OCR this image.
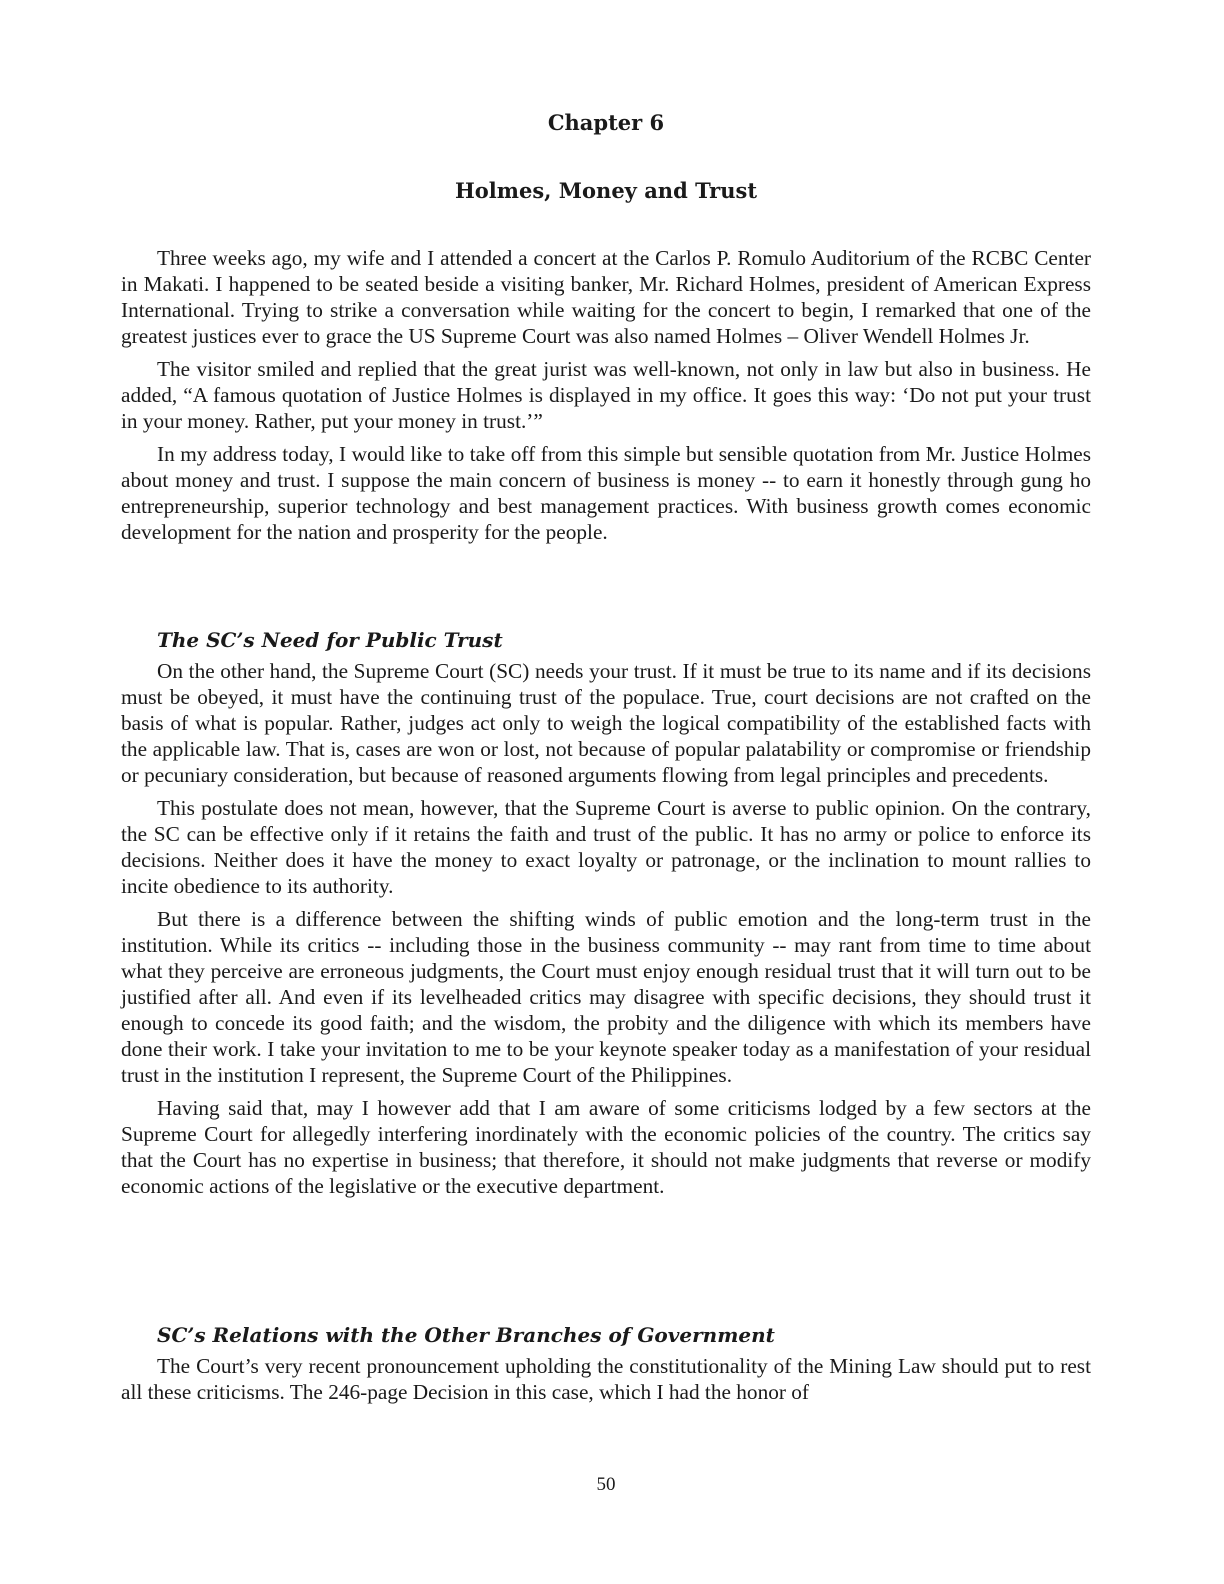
Chapter 6
Holmes, Money and Trust

Three weeks ago, my wife and I attended a concert at the Carlos P. Romulo Auditorium of the RCBC Center in Makati. I happened to be seated beside a visiting banker, Mr. Richard Holmes, president of American Express International. Trying to strike a conversation while waiting for the concert to begin, I remarked that one of the greatest justices ever to grace the US Supreme Court was also named Holmes – Oliver Wendell Holmes Jr.

The visitor smiled and replied that the great jurist was well-known, not only in law but also in business. He added, “A famous quotation of Justice Holmes is displayed in my office. It goes this way: ‘Do not put your trust in your money. Rather, put your money in trust.’”

In my address today, I would like to take off from this simple but sensible quotation from Mr. Justice Holmes about money and trust. I suppose the main concern of business is money -- to earn it honestly through gung ho entrepreneurship, superior technology and best management practices. With business growth comes economic development for the nation and prosperity for the people.

The SC’s Need for Public Trust

On the other hand, the Supreme Court (SC) needs your trust. If it must be true to its name and if its decisions must be obeyed, it must have the continuing trust of the populace. True, court decisions are not crafted on the basis of what is popular. Rather, judges act only to weigh the logical compatibility of the established facts with the applicable law. That is, cases are won or lost, not because of popular palatability or compromise or friendship or pecuniary consideration, but because of reasoned arguments flowing from legal principles and precedents.

This postulate does not mean, however, that the Supreme Court is averse to public opinion. On the contrary, the SC can be effective only if it retains the faith and trust of the public. It has no army or police to enforce its decisions. Neither does it have the money to exact loyalty or patronage, or the inclination to mount rallies to incite obedience to its authority.

But there is a difference between the shifting winds of public emotion and the long-term trust in the institution. While its critics -- including those in the business community -- may rant from time to time about what they perceive are erroneous judgments, the Court must enjoy enough residual trust that it will turn out to be justified after all. And even if its levelheaded critics may disagree with specific decisions, they should trust it enough to concede its good faith; and the wisdom, the probity and the diligence with which its members have done their work. I take your invitation to me to be your keynote speaker today as a manifestation of your residual trust in the institution I represent, the Supreme Court of the Philippines.

Having said that, may I however add that I am aware of some criticisms lodged by a few sectors at the Supreme Court for allegedly interfering inordinately with the economic policies of the country. The critics say that the Court has no expertise in business; that therefore, it should not make judgments that reverse or modify economic actions of the legislative or the executive department.

SC’s Relations with the Other Branches of Government

The Court’s very recent pronouncement upholding the constitutionality of the Mining Law should put to rest all these criticisms. The 246-page Decision in this case, which I had the honor of

50
